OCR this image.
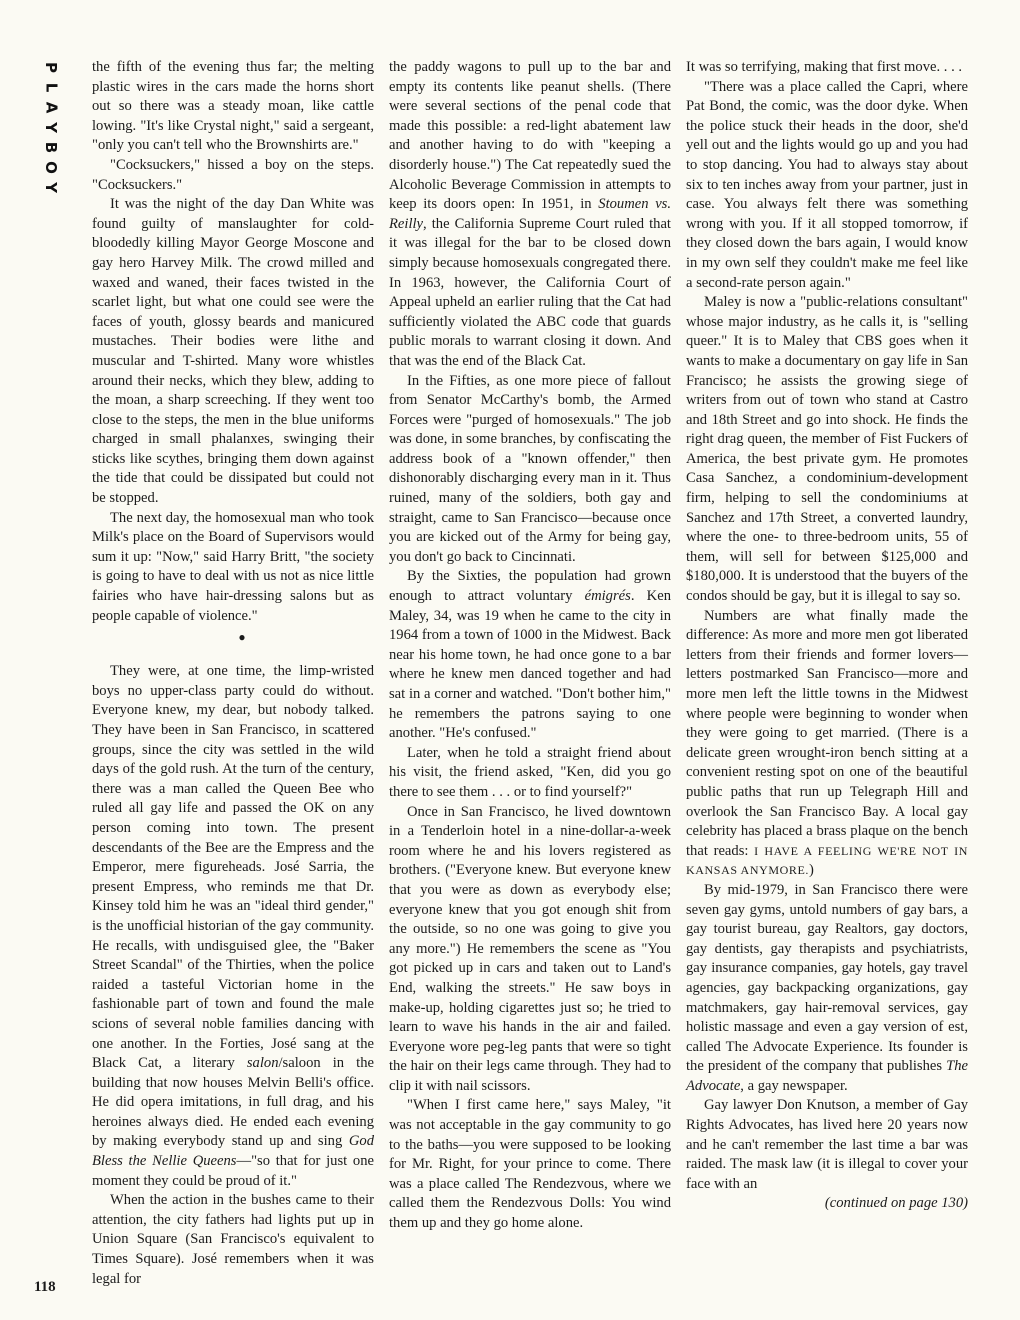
P
L
A
Y
B
O
Y

the fifth of the evening thus far; the melting plastic wires in the cars made the horns short out so there was a steady moan, like cattle lowing. "It's like Crystal night," said a sergeant, "only you can't tell who the Brownshirts are."

"Cocksuckers," hissed a boy on the steps. "Cocksuckers."

It was the night of the day Dan White was found guilty of manslaughter for cold-bloodedly killing Mayor George Moscone and gay hero Harvey Milk. The crowd milled and waxed and waned, their faces twisted in the scarlet light, but what one could see were the faces of youth, glossy beards and manicured mustaches. Their bodies were lithe and muscular and T-shirted. Many wore whistles around their necks, which they blew, adding to the moan, a sharp screeching. If they went too close to the steps, the men in the blue uniforms charged in small phalanxes, swinging their sticks like scythes, bringing them down against the tide that could be dissipated but could not be stopped.

The next day, the homosexual man who took Milk's place on the Board of Supervisors would sum it up: "Now," said Harry Britt, "the society is going to have to deal with us not as nice little fairies who have hair-dressing salons but as people capable of violence."

●

They were, at one time, the limp-wristed boys no upper-class party could do without. Everyone knew, my dear, but nobody talked. They have been in San Francisco, in scattered groups, since the city was settled in the wild days of the gold rush. At the turn of the century, there was a man called the Queen Bee who ruled all gay life and passed the OK on any person coming into town. The present descendants of the Bee are the Empress and the Emperor, mere figureheads. José Sarria, the present Empress, who reminds me that Dr. Kinsey told him he was an "ideal third gender," is the unofficial historian of the gay community. He recalls, with undisguised glee, the "Baker Street Scandal" of the Thirties, when the police raided a tasteful Victorian home in the fashionable part of town and found the male scions of several noble families dancing with one another. In the Forties, José sang at the Black Cat, a literary salon/saloon in the building that now houses Melvin Belli's office. He did opera imitations, in full drag, and his heroines always died. He ended each evening by making everybody stand up and sing God Bless the Nellie Queens—"so that for just one moment they could be proud of it."

When the action in the bushes came to their attention, the city fathers had lights put up in Union Square (San Francisco's equivalent to Times Square). José remembers when it was legal for

the paddy wagons to pull up to the bar and empty its contents like peanut shells. (There were several sections of the penal code that made this possible: a red-light abatement law and another having to do with "keeping a disorderly house.") The Cat repeatedly sued the Alcoholic Beverage Commission in attempts to keep its doors open: In 1951, in Stoumen vs. Reilly, the California Supreme Court ruled that it was illegal for the bar to be closed down simply because homosexuals congregated there. In 1963, however, the California Court of Appeal upheld an earlier ruling that the Cat had sufficiently violated the ABC code that guards public morals to warrant closing it down. And that was the end of the Black Cat.

In the Fifties, as one more piece of fallout from Senator McCarthy's bomb, the Armed Forces were "purged of homosexuals." The job was done, in some branches, by confiscating the address book of a "known offender," then dishonorably discharging every man in it. Thus ruined, many of the soldiers, both gay and straight, came to San Francisco—because once you are kicked out of the Army for being gay, you don't go back to Cincinnati.

By the Sixties, the population had grown enough to attract voluntary émigrés. Ken Maley, 34, was 19 when he came to the city in 1964 from a town of 1000 in the Midwest. Back near his home town, he had once gone to a bar where he knew men danced together and had sat in a corner and watched. "Don't bother him," he remembers the patrons saying to one another. "He's confused."

Later, when he told a straight friend about his visit, the friend asked, "Ken, did you go there to see them . . . or to find yourself?"

Once in San Francisco, he lived downtown in a Tenderloin hotel in a nine-dollar-a-week room where he and his lovers registered as brothers. ("Everyone knew. But everyone knew that you were as down as everybody else; everyone knew that you got enough shit from the outside, so no one was going to give you any more.") He remembers the scene as "You got picked up in cars and taken out to Land's End, walking the streets." He saw boys in make-up, holding cigarettes just so; he tried to learn to wave his hands in the air and failed. Everyone wore peg-leg pants that were so tight the hair on their legs came through. They had to clip it with nail scissors.

"When I first came here," says Maley, "it was not acceptable in the gay community to go to the baths—you were supposed to be looking for Mr. Right, for your prince to come. There was a place called The Rendezvous, where we called them the Rendezvous Dolls: You wind them up and they go home alone.

It was so terrifying, making that first move. . . .

"There was a place called the Capri, where Pat Bond, the comic, was the door dyke. When the police stuck their heads in the door, she'd yell out and the lights would go up and you had to stop dancing. You had to always stay about six to ten inches away from your partner, just in case. You always felt there was something wrong with you. If it all stopped tomorrow, if they closed down the bars again, I would know in my own self they couldn't make me feel like a second-rate person again."

Maley is now a "public-relations consultant" whose major industry, as he calls it, is "selling queer." It is to Maley that CBS goes when it wants to make a documentary on gay life in San Francisco; he assists the growing siege of writers from out of town who stand at Castro and 18th Street and go into shock. He finds the right drag queen, the member of Fist Fuckers of America, the best private gym. He promotes Casa Sanchez, a condominium-development firm, helping to sell the condominiums at Sanchez and 17th Street, a converted laundry, where the one- to three-bedroom units, 55 of them, will sell for between $125,000 and $180,000. It is understood that the buyers of the condos should be gay, but it is illegal to say so.

Numbers are what finally made the difference: As more and more men got liberated letters from their friends and former lovers—letters postmarked San Francisco—more and more men left the little towns in the Midwest where people were beginning to wonder when they were going to get married. (There is a delicate green wrought-iron bench sitting at a convenient resting spot on one of the beautiful public paths that run up Telegraph Hill and overlook the San Francisco Bay. A local gay celebrity has placed a brass plaque on the bench that reads: I HAVE A FEELING WE'RE NOT IN KANSAS ANYMORE.)

By mid-1979, in San Francisco there were seven gay gyms, untold numbers of gay bars, a gay tourist bureau, gay Realtors, gay doctors, gay dentists, gay therapists and psychiatrists, gay insurance companies, gay hotels, gay travel agencies, gay backpacking organizations, gay matchmakers, gay hair-removal services, gay holistic massage and even a gay version of est, called The Advocate Experience. Its founder is the president of the company that publishes The Advocate, a gay newspaper.

Gay lawyer Don Knutson, a member of Gay Rights Advocates, has lived here 20 years now and he can't remember the last time a bar was raided. The mask law (it is illegal to cover your face with an

(continued on page 130)

118
